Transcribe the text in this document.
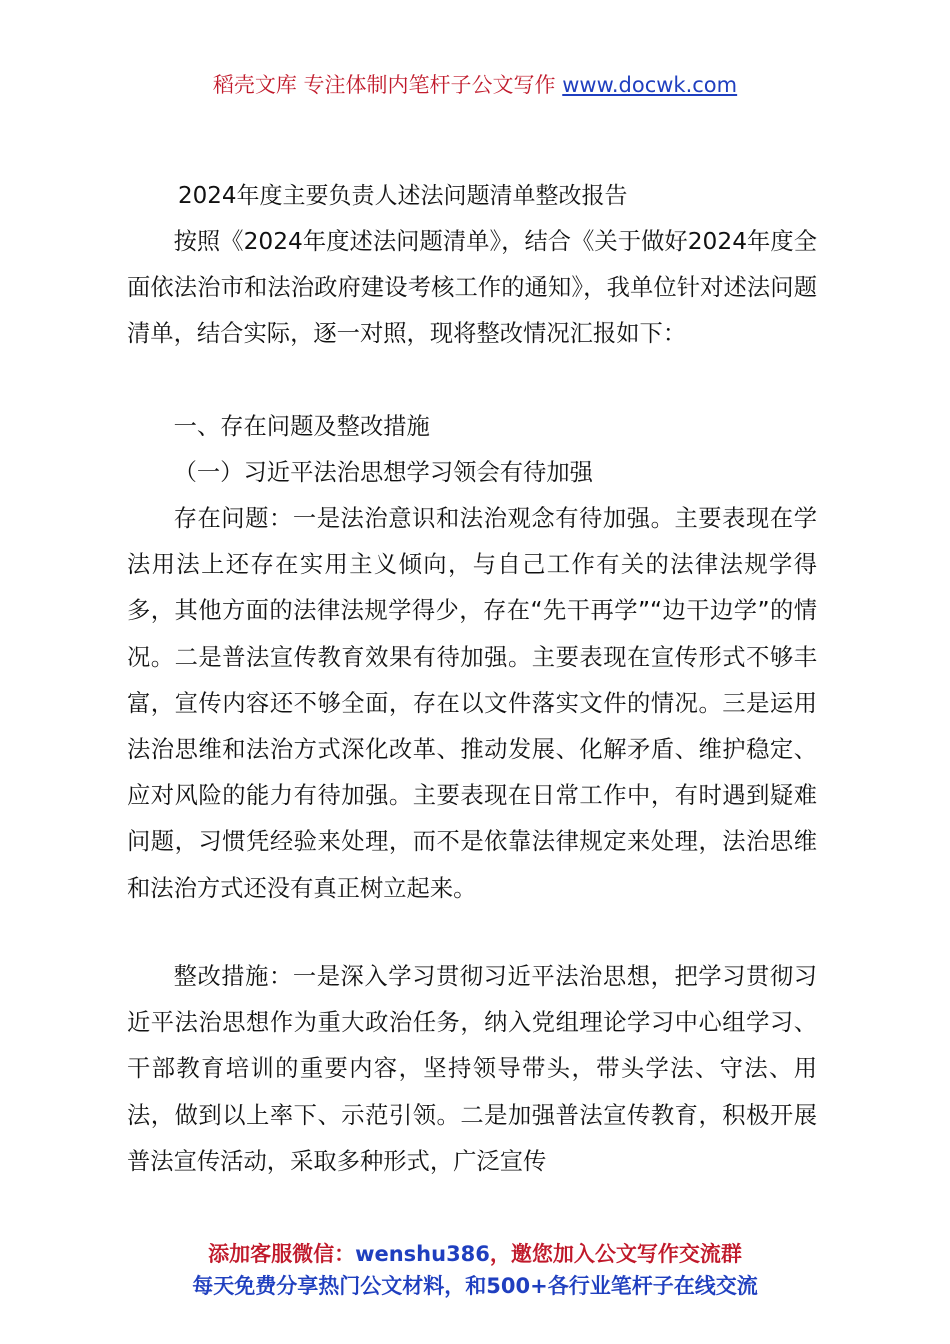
稻壳文库 专注体制内笔杆子公文写作 www.docwk.com
2024年度主要负责人述法问题清单整改报告

按照《2024年度述法问题清单》，结合《关于做好2024年度全面依法治市和法治政府建设考核工作的通知》，我单位针对述法问题清单，结合实际，逐一对照，现将整改情况汇报如下：

一、存在问题及整改措施
（一）习近平法治思想学习领会有待加强

存在问题：一是法治意识和法治观念有待加强。主要表现在学法用法上还存在实用主义倾向，与自己工作有关的法律法规学得多，其他方面的法律法规学得少，存在“先干再学”“边干边学”的情况。二是普法宣传教育效果有待加强。主要表现在宣传形式不够丰富，宣传内容还不够全面，存在以文件落实文件的情况。三是运用法治思维和法治方式深化改革、推动发展、化解矛盾、维护稳定、应对风险的能力有待加强。主要表现在日常工作中，有时遇到疑难问题，习惯凭经验来处理，而不是依靠法律规定来处理，法治思维和法治方式还没有真正树立起来。

整改措施：一是深入学习贯彻习近平法治思想，把学习贯彻习近平法治思想作为重大政治任务，纳入党组理论学习中心组学习、干部教育培训的重要内容，坚持领导带头，带头学法、守法、用法，做到以上率下、示范引领。二是加强普法宣传教育，积极开展普法宣传活动，采取多种形式，广泛宣传

添加客服微信：wenshu386，邀您加入公文写作交流群
每天免费分享热门公文材料，和500+各行业笔杆子在线交流
